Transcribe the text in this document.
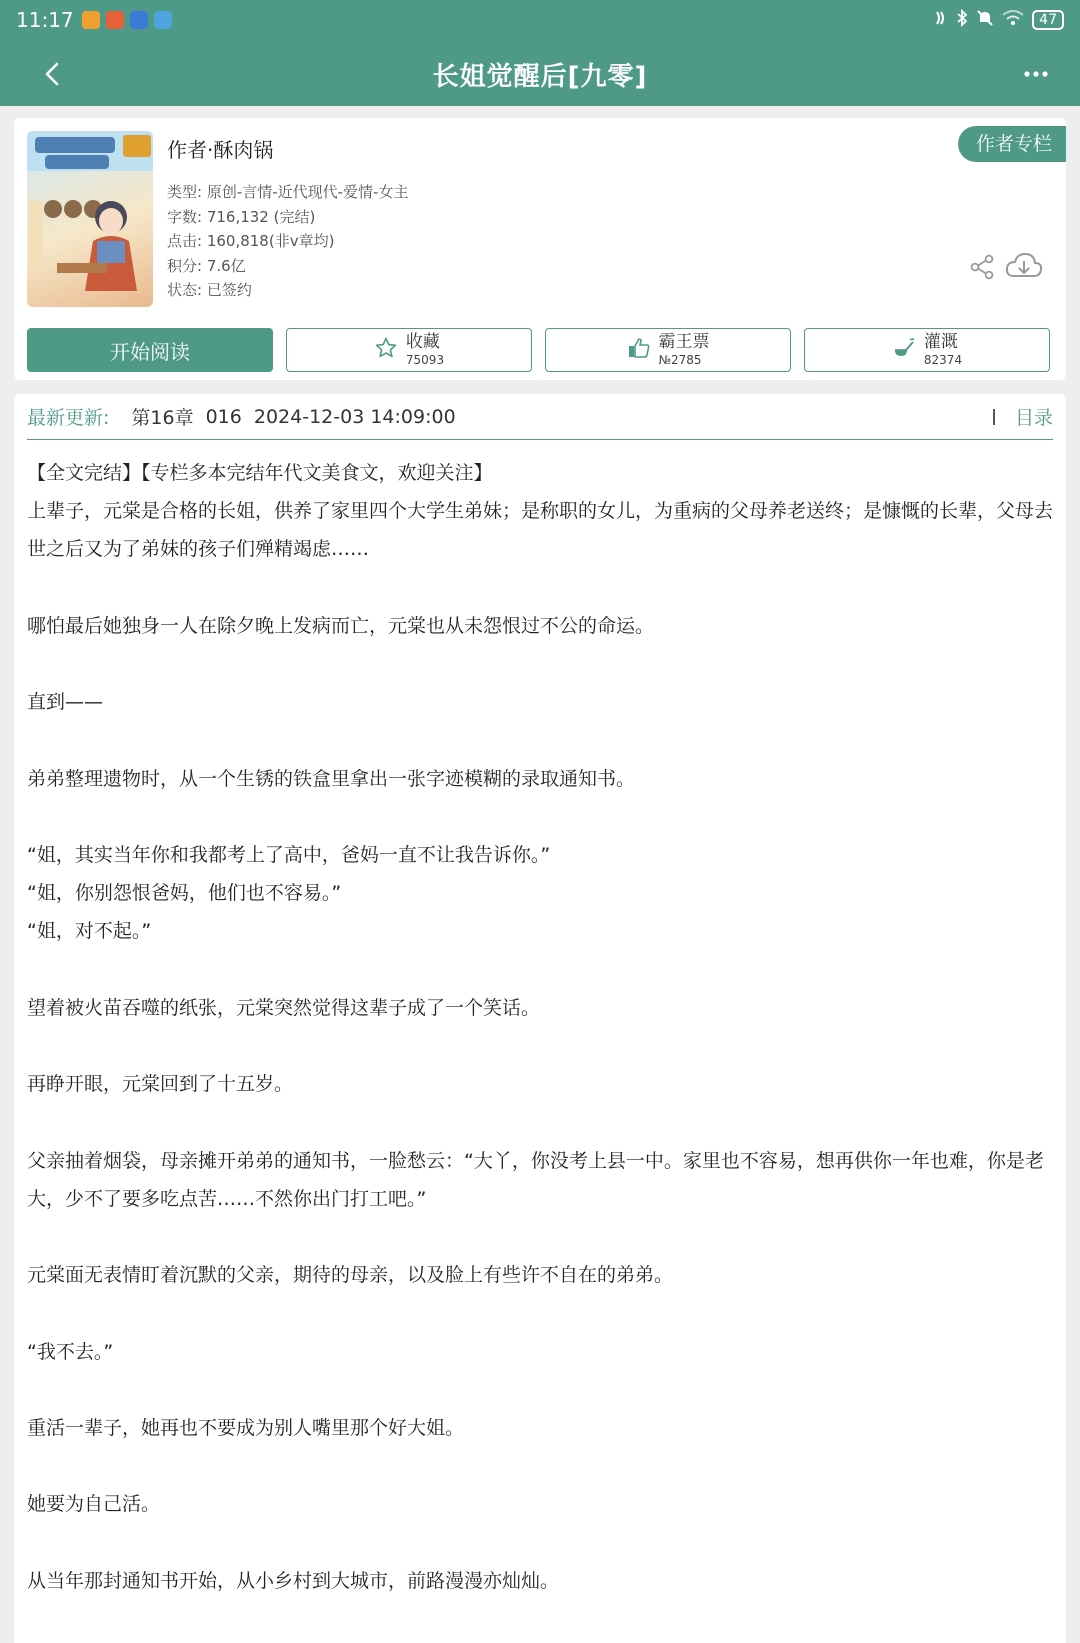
11:17	47
长姐觉醒后[九零]
作者·酥肉锅
类型: 原创-言情-近代现代-爱情-女主
字数: 716,132 (完结)
点击: 160,818(非v章均)
积分: 7.6亿
状态: 已签约
作者专栏
开始阅读	收藏
75093
霸王票
№2785
灌溉
82374
最新更新: 第16章 016 2024-12-03 14:09:00	目录
【全文完结】【专栏多本完结年代文美食文，欢迎关注】
上辈子，元棠是合格的长姐，供养了家里四个大学生弟妹；是称职的女儿，为重病的父母养老送终；是慷慨的长辈，父母去世之后又为了弟妹的孩子们殚精竭虑……

哪怕最后她独身一人在除夕晚上发病而亡，元棠也从未怨恨过不公的命运。

直到——

弟弟整理遗物时，从一个生锈的铁盒里拿出一张字迹模糊的录取通知书。

“姐，其实当年你和我都考上了高中，爸妈一直不让我告诉你。”
“姐，你别怨恨爸妈，他们也不容易。”
“姐，对不起。”

望着被火苗吞噬的纸张，元棠突然觉得这辈子成了一个笑话。

再睁开眼，元棠回到了十五岁。

父亲抽着烟袋，母亲摊开弟弟的通知书，一脸愁云：“大丫，你没考上县一中。家里也不容易，想再供你一年也难，你是老大，少不了要多吃点苦……不然你出门打工吧。”

元棠面无表情盯着沉默的父亲，期待的母亲，以及脸上有些许不自在的弟弟。

“我不去。”

重活一辈子，她再也不要成为别人嘴里那个好大姐。

她要为自己活。

从当年那封通知书开始，从小乡村到大城市，前路漫漫亦灿灿。
